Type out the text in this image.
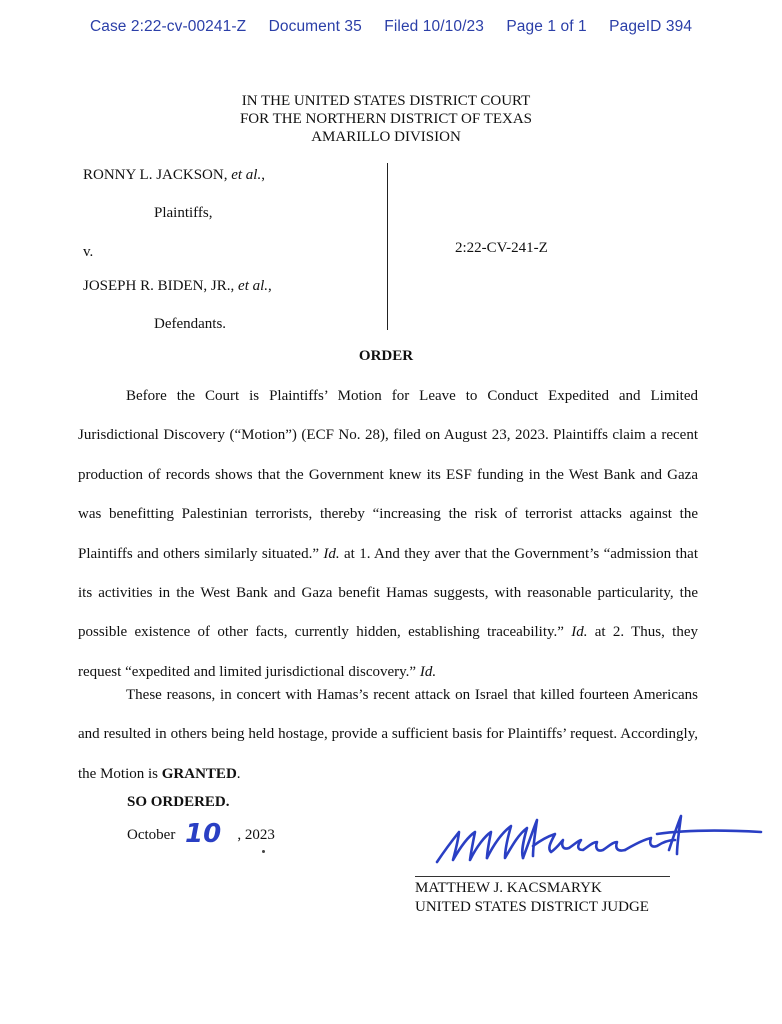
Case 2:22-cv-00241-Z Document 35 Filed 10/10/23 Page 1 of 1 PageID 394
IN THE UNITED STATES DISTRICT COURT
FOR THE NORTHERN DISTRICT OF TEXAS
AMARILLO DIVISION
RONNY L. JACKSON, et al.,
Plaintiffs,
v.	2:22-CV-241-Z
JOSEPH R. BIDEN, JR., et al.,
Defendants.
ORDER
Before the Court is Plaintiffs’ Motion for Leave to Conduct Expedited and Limited Jurisdictional Discovery (“Motion”) (ECF No. 28), filed on August 23, 2023. Plaintiffs claim a recent production of records shows that the Government knew its ESF funding in the West Bank and Gaza was benefitting Palestinian terrorists, thereby “increasing the risk of terrorist attacks against the Plaintiffs and others similarly situated.” Id. at 1. And they aver that the Government’s “admission that its activities in the West Bank and Gaza benefit Hamas suggests, with reasonable particularity, the possible existence of other facts, currently hidden, establishing traceability.” Id. at 2. Thus, they request “expedited and limited jurisdictional discovery.” Id.
These reasons, in concert with Hamas’s recent attack on Israel that killed fourteen Americans and resulted in others being held hostage, provide a sufficient basis for Plaintiffs’ request. Accordingly, the Motion is GRANTED.
SO ORDERED.
October	, 2023
10
MATTHEW J. KACSMARYK
UNITED STATES DISTRICT JUDGE
